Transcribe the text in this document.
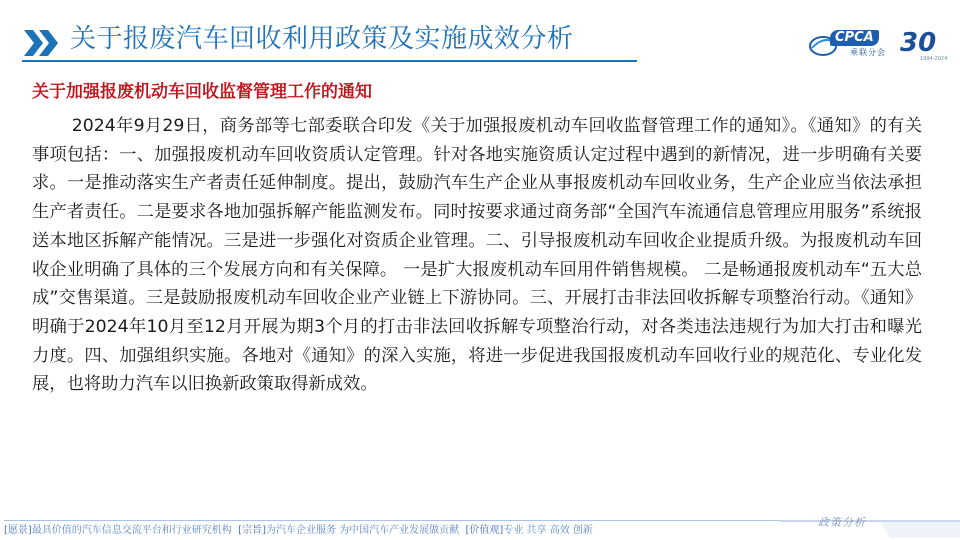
关于报废汽车回收利用政策及实施成效分析	CPCA
乘联分会 30
1994-2024
关于加强报废机动车回收监督管理工作的通知

2024年9月29日，商务部等七部委联合印发《关于加强报废机动车回收监督管理工作的通知》。《通知》的有关事项包括：一、加强报废机动车回收资质认定管理。针对各地实施资质认定过程中遇到的新情况，进一步明确有关要求。一是推动落实生产者责任延伸制度。提出，鼓励汽车生产企业从事报废机动车回收业务，生产企业应当依法承担生产者责任。二是要求各地加强拆解产能监测发布。同时按要求通过商务部“全国汽车流通信息管理应用服务”系统报送本地区拆解产能情况。三是进一步强化对资质企业管理。二、引导报废机动车回收企业提质升级。为报废机动车回收企业明确了具体的三个发展方向和有关保障。 一是扩大报废机动车回用件销售规模。 二是畅通报废机动车“五大总成”交售渠道。三是鼓励报废机动车回收企业产业链上下游协同。三、开展打击非法回收拆解专项整治行动。《通知》明确于2024年10月至12月开展为期3个月的打击非法回收拆解专项整治行动，对各类违法违规行为加大打击和曝光力度。四、加强组织实施。各地对《通知》的深入实施，将进一步促进我国报废机动车回收行业的规范化、专业化发展，也将助力汽车以旧换新政策取得新成效。

[愿景]最具价值的汽车信息交流平台和行业研究机构 [宗旨]为汽车企业服务 为中国汽车产业发展做贡献 [价值观]专业 共享 高效 创新
政策分析
